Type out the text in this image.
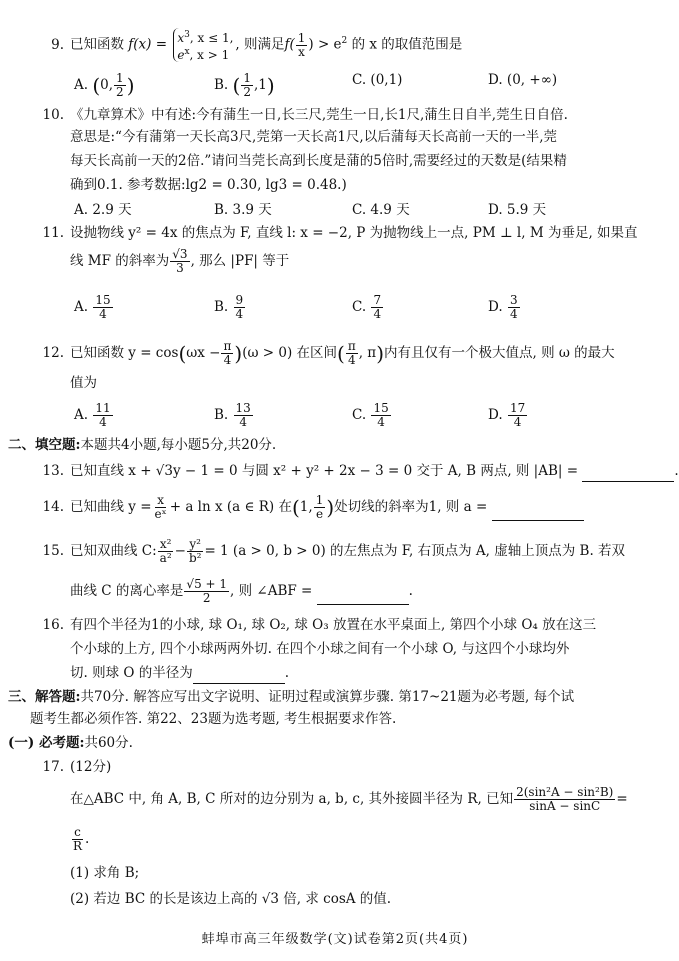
9. 已知函数 $f(x) = x^3$, x ≤ 1,
$e^x$, x > 1, 则满足$f( \frac{1}{x}$ ) > $e^2$ 的 x 的取值范围是
A. (0, $\frac{1}{2}$ )	B. ( $\frac{1}{2} ,1$)	C. (0,1)	D. (0, +∞)
10. 《九章算术》中有述:今有蒲生一日,长三尺,莞生一日,长1尺,蒲生日自半,莞生日自倍.
意思是:“今有蒲第一天长高3尺,莞第一天长高1尺,以后蒲每天长高前一天的一半,莞
每天长高前一天的2倍.”请问当莞长高到长度是蒲的5倍时,需要经过的天数是(结果精
确到0.1. 参考数据:lg2 = 0.30, lg3 = 0.48.)
A. 2.9 天	B. 3.9 天	C. 4.9 天	D. 5.9 天
11. 设抛物线 y² = 4x 的焦点为 F, 直线 l: x = −2, P 为抛物线上一点, PM ⊥ l, M 为垂足, 如果直
线 MF 的斜率为 $\frac{√3}{3}$ , 那么 |PF| 等于
A. $\frac{15}{4}$	B. $\frac{9}{4}$	C. $\frac{7}{4}$	D. $\frac{3}{4}$
12. 已知函数 $y = \cos(\omega x - \frac{\pi}{4} )(\omega > 0)$ 在区间( $\frac{\pi}{4}$ , π)内有且仅有一个极大值点, 则 ω 的最大
值为
A. $\frac{11}{4}$	B. $\frac{13}{4}$	C. $\frac{15}{4}$	D. $\frac{17}{4}$
二、填空题:本题共4小题,每小题5分,共20分.
13. 已知直线 x + √3y − 1 = 0 与圆 x² + y² + 2x − 3 = 0 交于 A, B 两点, 则 |AB| =	.
14. 已知曲线 $y = \frac{x}{\text{eˣ}} + a$ ln x (a ∈ R) 在(1, $\frac{1}{e}$ )处切线的斜率为1, 则 a =
15. 已知双曲线 C: $\frac{\text{x²}}{\text{a²}} - \frac{\text{y²}}{\text{b²}} = 1$ (a > 0, b > 0) 的左焦点为 F, 右顶点为 A, 虚轴上顶点为 B. 若双
曲线 C 的离心率是 $\frac{√5 + 1}{2}$ , 则 ∠ABF =	.
16. 有四个半径为1的小球, 球 O₁, 球 O₂, 球 O₃ 放置在水平桌面上, 第四个小球 O₄ 放在这三
个小球的上方, 四个小球两两外切. 在四个小球之间有一个小球 O, 与这四个小球均外
切. 则球 O 的半径为	.
三、解答题:共70分. 解答应写出文字说明、证明过程或演算步骤. 第17~21题为必考题, 每个试
题考生都必须作答. 第22、23题为选考题, 考生根据要求作答.
(一) 必考题:共60分.
17. (12分)
在△ABC 中, 角 A, B, C 所对的边分别为 a, b, c, 其外接圆半径为 R, 已知 $\frac{\text{2(sin²A − sin²B)}}{\sin A - \sin C}$ =
$\frac{c}{R}$ .
(1) 求角 B;
(2) 若边 BC 的长是该边上高的 √3 倍, 求 cosA 的值.
蚌埠市高三年级数学(文)试卷第2页(共4页)
